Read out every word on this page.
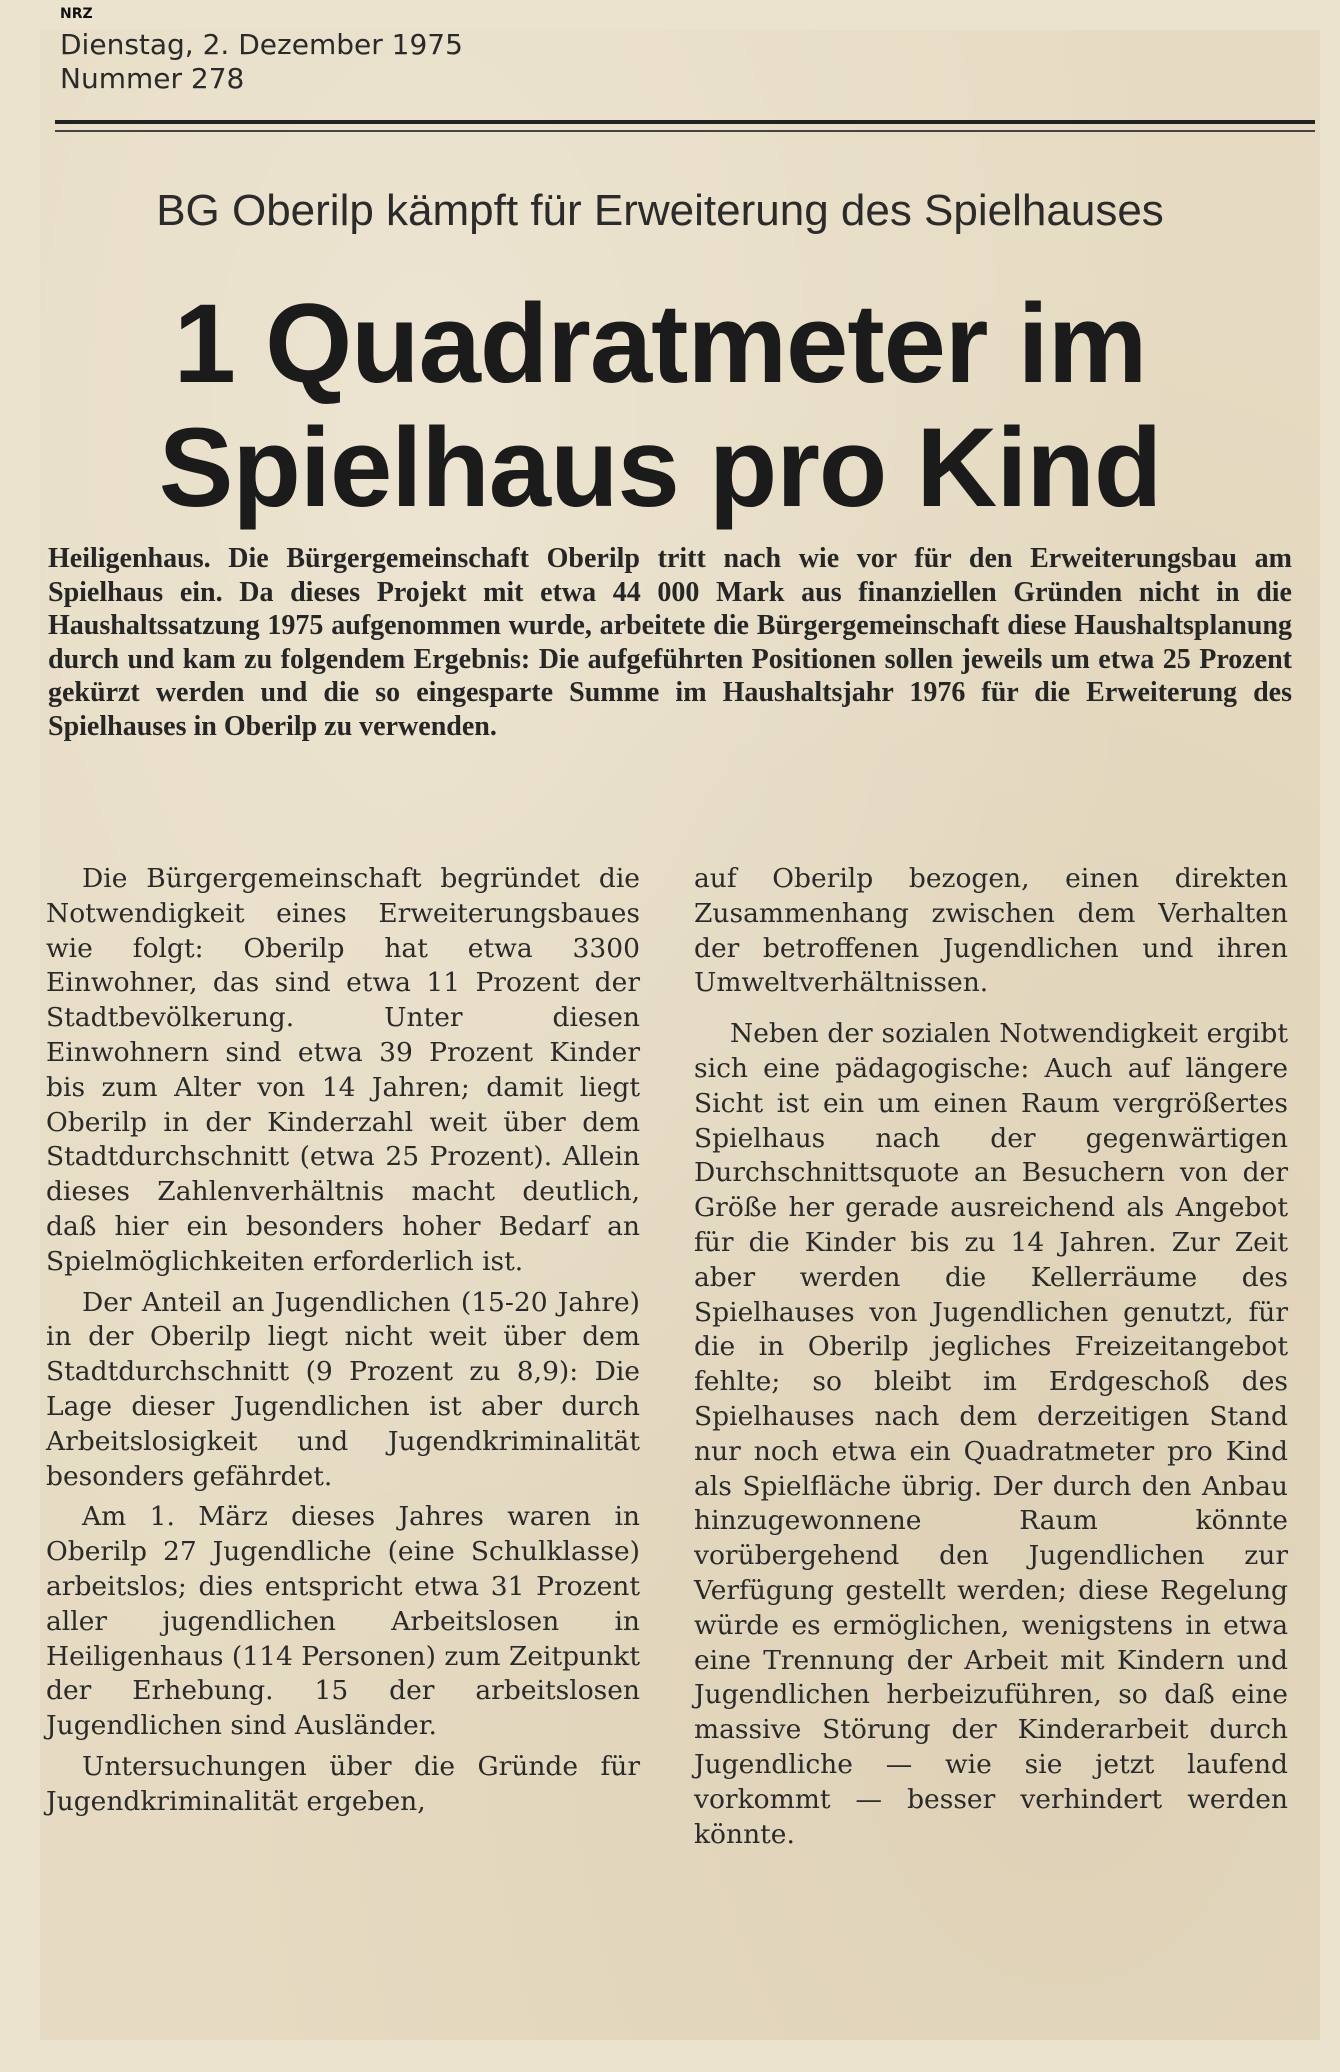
NRZ
Dienstag, 2. Dezember 1975
Nummer 278
BG Oberilp kämpft für Erweiterung des Spielhauses
1 Quadratmeter im
Spielhaus pro Kind
Heiligenhaus. Die Bürgergemeinschaft Oberilp tritt nach wie vor für den Erweiterungsbau am Spielhaus ein. Da dieses Projekt mit etwa 44 000 Mark aus finanziellen Gründen nicht in die Haushaltssatzung 1975 aufgenommen wurde, arbeitete die Bürgergemeinschaft diese Haushaltsplanung durch und kam zu folgendem Ergebnis: Die aufgeführten Positionen sollen jeweils um etwa 25 Prozent gekürzt werden und die so eingesparte Summe im Haushaltsjahr 1976 für die Erweiterung des Spielhauses in Oberilp zu verwenden.

Die Bürgergemeinschaft begründet die Notwendigkeit eines Erweiterungsbaues wie folgt: Oberilp hat etwa 3300 Einwohner, das sind etwa 11 Prozent der Stadtbevölkerung. Unter diesen Einwohnern sind etwa 39 Prozent Kinder bis zum Alter von 14 Jahren; damit liegt Oberilp in der Kinderzahl weit über dem Stadtdurchschnitt (etwa 25 Prozent). Allein dieses Zahlenverhältnis macht deutlich, daß hier ein besonders hoher Bedarf an Spielmöglichkeiten erforderlich ist.

Der Anteil an Jugendlichen (15-20 Jahre) in der Oberilp liegt nicht weit über dem Stadtdurchschnitt (9 Prozent zu 8,9): Die Lage dieser Jugendlichen ist aber durch Arbeitslosigkeit und Jugendkriminalität besonders gefährdet.

Am 1. März dieses Jahres waren in Oberilp 27 Jugendliche (eine Schulklasse) arbeitslos; dies entspricht etwa 31 Prozent aller jugendlichen Arbeitslosen in Heiligenhaus (114 Personen) zum Zeitpunkt der Erhebung. 15 der arbeitslosen Jugendlichen sind Ausländer.

Untersuchungen über die Gründe für Jugendkriminalität ergeben,

auf Oberilp bezogen, einen direkten Zusammenhang zwischen dem Verhalten der betroffenen Jugendlichen und ihren Umweltverhältnissen.

Neben der sozialen Notwendigkeit ergibt sich eine pädagogische: Auch auf längere Sicht ist ein um einen Raum vergrößertes Spielhaus nach der gegenwärtigen Durchschnittsquote an Besuchern von der Größe her gerade ausreichend als Angebot für die Kinder bis zu 14 Jahren. Zur Zeit aber werden die Kellerräume des Spielhauses von Jugendlichen genutzt, für die in Oberilp jegliches Freizeitangebot fehlte; so bleibt im Erdgeschoß des Spielhauses nach dem derzeitigen Stand nur noch etwa ein Quadratmeter pro Kind als Spielfläche übrig. Der durch den Anbau hinzugewonnene Raum könnte vorübergehend den Jugendlichen zur Verfügung gestellt werden; diese Regelung würde es ermöglichen, wenigstens in etwa eine Trennung der Arbeit mit Kindern und Jugendlichen herbeizuführen, so daß eine massive Störung der Kinderarbeit durch Jugendliche — wie sie jetzt laufend vorkommt — besser verhindert werden könnte.
